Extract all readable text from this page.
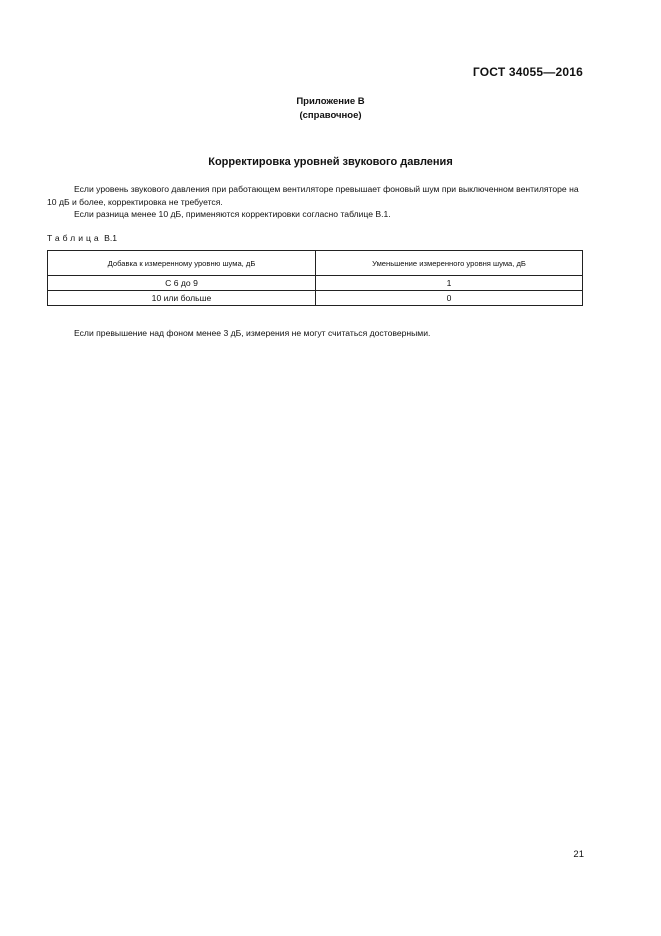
ГОСТ 34055—2016
Приложение В
(справочное)
Корректировка уровней звукового давления
Если уровень звукового давления при работающем вентиляторе превышает фоновый шум при выключенном вентиляторе на 10 дБ и более, корректировка не требуется.
Если разница менее 10 дБ, применяются корректировки согласно таблице В.1.
Таблица В.1
Добавка к измеренному уровню шума, дБ	Уменьшение измеренного уровня шума, дБ
С 6 до 9	1
10 или больше	0
Если превышение над фоном менее 3 дБ, измерения не могут считаться достоверными.
21
